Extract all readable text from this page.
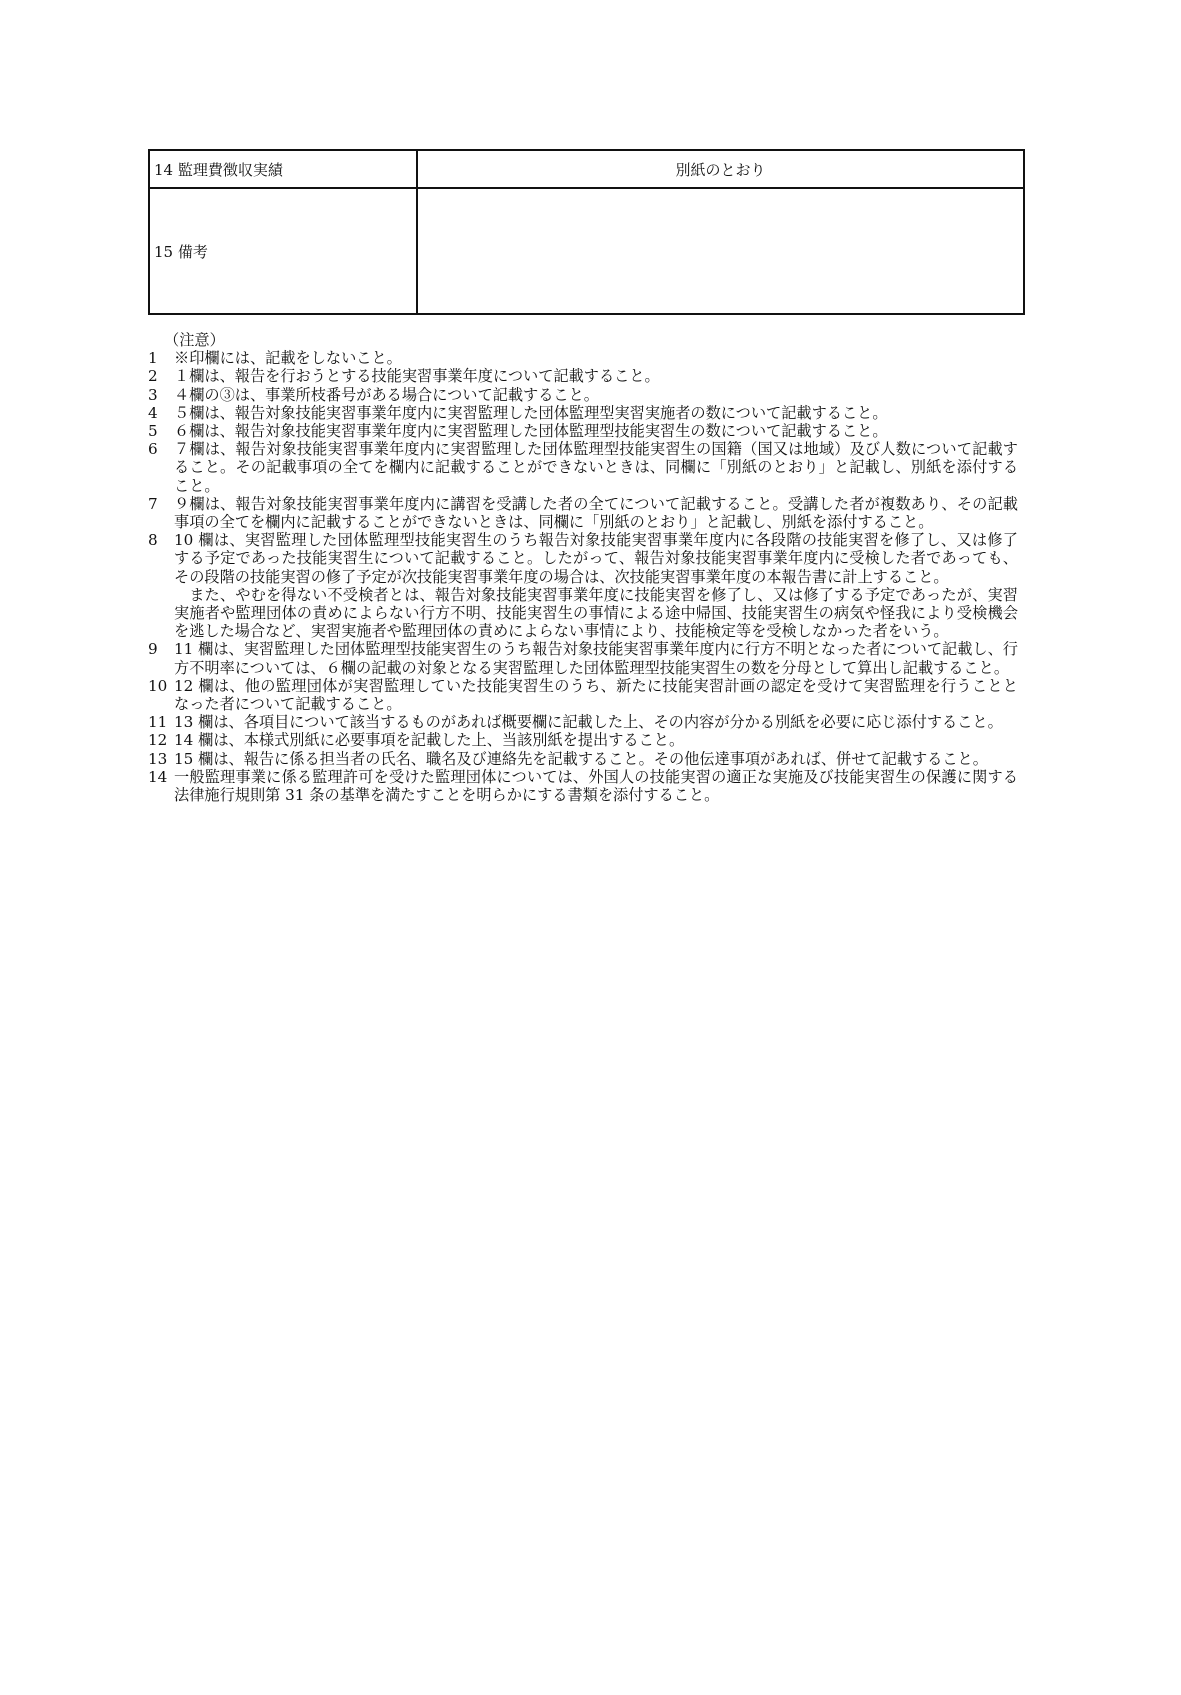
14 監理費徴収実績	別紙のとおり
15 備考	

（注意）

1	※印欄には、記載をしないこと。
2	１欄は、報告を行おうとする技能実習事業年度について記載すること。
3	４欄の③は、事業所枝番号がある場合について記載すること。
4	５欄は、報告対象技能実習事業年度内に実習監理した団体監理型実習実施者の数について記載すること。
5	６欄は、報告対象技能実習事業年度内に実習監理した団体監理型技能実習生の数について記載すること。
6	７欄は、報告対象技能実習事業年度内に実習監理した団体監理型技能実習生の国籍（国又は地域）及び人数について記載すること。その記載事項の全てを欄内に記載することができないときは、同欄に「別紙のとおり」と記載し、別紙を添付すること。
7	９欄は、報告対象技能実習事業年度内に講習を受講した者の全てについて記載すること。受講した者が複数あり、その記載事項の全てを欄内に記載することができないときは、同欄に「別紙のとおり」と記載し、別紙を添付すること。
8	10 欄は、実習監理した団体監理型技能実習生のうち報告対象技能実習事業年度内に各段階の技能実習を修了し、又は修了する予定であった技能実習生について記載すること。したがって、報告対象技能実習事業年度内に受検した者であっても、その段階の技能実習の修了予定が次技能実習事業年度の場合は、次技能実習事業年度の本報告書に計上すること。
また、やむを得ない不受検者とは、報告対象技能実習事業年度に技能実習を修了し、又は修了する予定であったが、実習実施者や監理団体の責めによらない行方不明、技能実習生の事情による途中帰国、技能実習生の病気や怪我により受検機会を逃した場合など、実習実施者や監理団体の責めによらない事情により、技能検定等を受検しなかった者をいう。
9	11 欄は、実習監理した団体監理型技能実習生のうち報告対象技能実習事業年度内に行方不明となった者について記載し、行方不明率については、６欄の記載の対象となる実習監理した団体監理型技能実習生の数を分母として算出し記載すること。
10 12 欄は、他の監理団体が実習監理していた技能実習生のうち、新たに技能実習計画の認定を受けて実習監理を行うこととなった者について記載すること。
11 13 欄は、各項目について該当するものがあれば概要欄に記載した上、その内容が分かる別紙を必要に応じ添付すること。
12 14 欄は、本様式別紙に必要事項を記載した上、当該別紙を提出すること。
13 15 欄は、報告に係る担当者の氏名、職名及び連絡先を記載すること。その他伝達事項があれば、併せて記載すること。
14 一般監理事業に係る監理許可を受けた監理団体については、外国人の技能実習の適正な実施及び技能実習生の保護に関する法律施行規則第 31 条の基準を満たすことを明らかにする書類を添付すること。
